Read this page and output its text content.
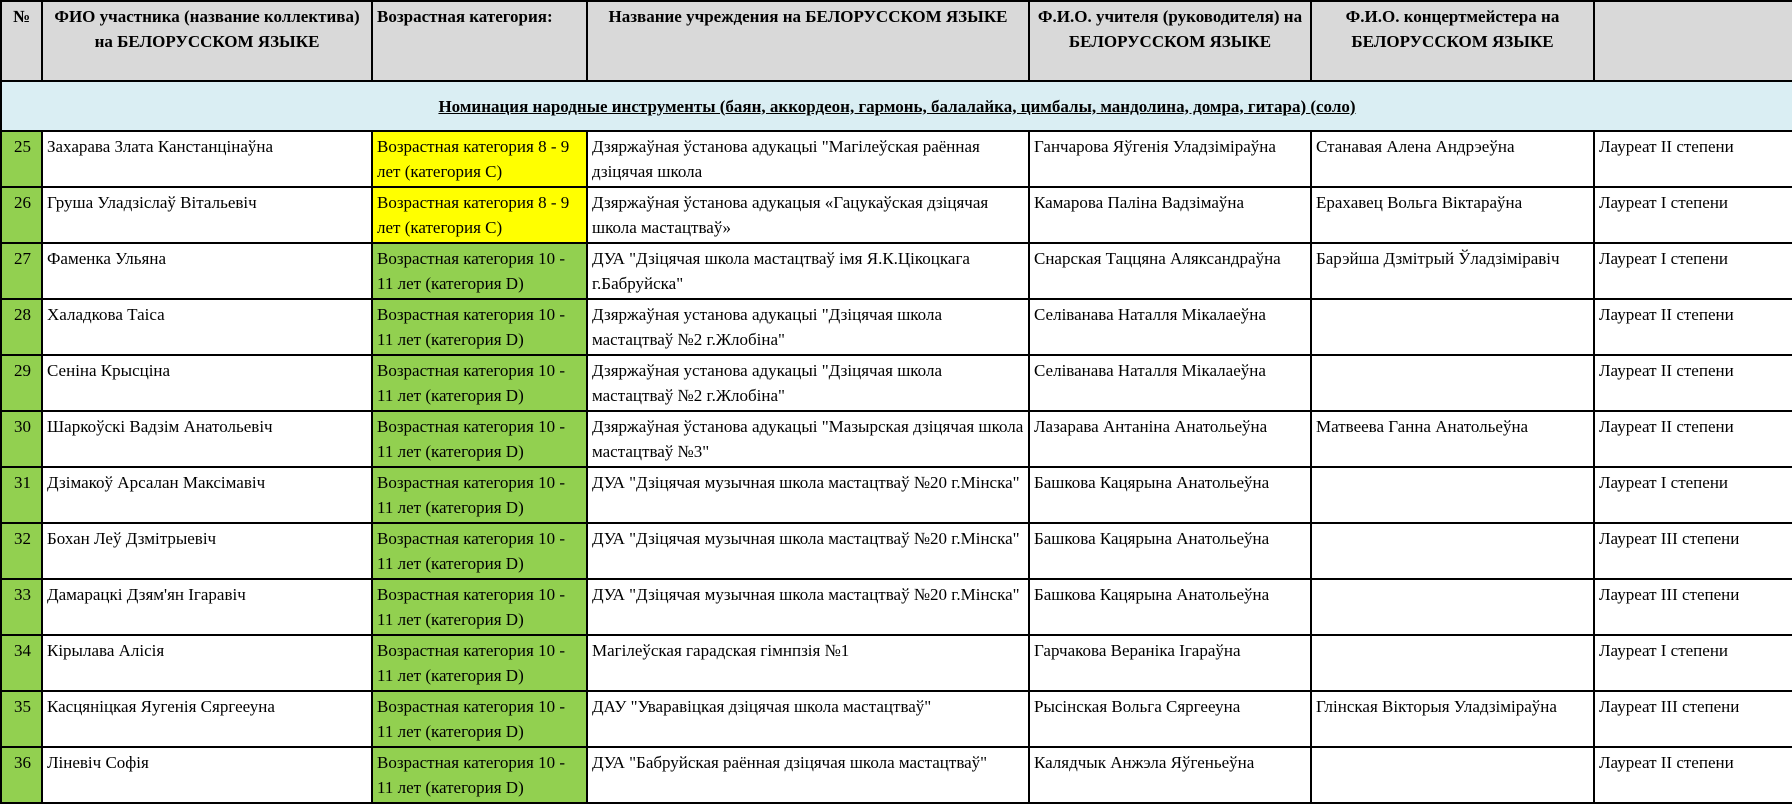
№	ФИО участника (название коллектива) на БЕЛОРУССКОМ ЯЗЫКЕ	Возрастная категория:	Название учреждения на БЕЛОРУССКОМ ЯЗЫКЕ	Ф.И.О. учителя (руководителя) на БЕЛОРУССКОМ ЯЗЫКЕ	Ф.И.О. концертмейстера на БЕЛОРУССКОМ ЯЗЫКЕ	
Номинация народные инструменты (баян, аккордеон, гармонь, балалайка, цимбалы, мандолина, домра, гитара) (соло)						
25	Захарава Злата Канстанцінаўна	Возрастная категория 8 - 9 лет (категория С)	Дзяржаўная ўстанова адукацыі "Магілеўская раённая дзіцячая школа	Ганчарова Яўгенія Уладзіміраўна	Станавая Алена Андрэеўна	Лауреат II степени
26	Груша Уладзіслаў Вітальевіч	Возрастная категория 8 - 9 лет (категория С)	Дзяржаўная ўстанова адукацыя «Гацукаўская дзіцячая школа мастацтваў»	Камарова Паліна Вадзімаўна	Ерахавец Вольга Віктараўна	Лауреат I степени
27	Фаменка Ульяна	Возрастная категория 10 - 11 лет (категория D)	ДУА "Дзіцячая школа мастацтваў імя Я.К.Цікоцкага г.Бабруйска"	Снарская Таццяна Аляксандраўна	Барэйша Дзмітрый Ўладзіміравіч	Лауреат I степени
28	Халадкова Таіса	Возрастная категория 10 - 11 лет (категория D)	Дзяржаўная установа адукацыі "Дзіцячая школа мастацтваў №2 г.Жлобіна"	Селіванава Наталля Мікалаеўна		Лауреат II степени
29	Сеніна Крысціна	Возрастная категория 10 - 11 лет (категория D)	Дзяржаўная установа адукацыі "Дзіцячая школа мастацтваў №2 г.Жлобіна"	Селіванава Наталля Мікалаеўна		Лауреат II степени
30	Шаркоўскі Вадзім Анатольевіч	Возрастная категория 10 - 11 лет (категория D)	Дзяржаўная ўстанова адукацыі "Мазырская дзіцячая школа мастацтваў №3"	Лазарава Антаніна Анатольеўна	Матвеева Ганна Анатольеўна	Лауреат II степени
31	Дзімакоў Арсалан Максімавіч	Возрастная категория 10 - 11 лет (категория D)	ДУА "Дзіцячая музычная школа мастацтваў №20 г.Мінска"	Башкова Кацярына Анатольеўна		Лауреат I степени
32	Бохан Леў Дзмітрыевіч	Возрастная категория 10 - 11 лет (категория D)	ДУА "Дзіцячая музычная школа мастацтваў №20 г.Мінска"	Башкова Кацярына Анатольеўна		Лауреат III степени
33	Дамарацкі Дзям'ян Ігаравіч	Возрастная категория 10 - 11 лет (категория D)	ДУА "Дзіцячая музычная школа мастацтваў №20 г.Мінска"	Башкова Кацярына Анатольеўна		Лауреат III степени
34	Кірылава Алісія	Возрастная категория 10 - 11 лет (категория D)	Магілеўская гарадская гімнпзія №1	Гарчакова Вераніка Ігараўна		Лауреат I степени
35	Касцяніцкая Яугенія Сяргееуна	Возрастная категория 10 - 11 лет (категория D)	ДАУ "Уваравіцкая дзіцячая школа мастацтваў"	Рысінская Вольга Сяргееуна	Глінская Вікторыя Уладзіміраўна	Лауреат III степени
36	Ліневіч Софія	Возрастная категория 10 - 11 лет (категория D)	ДУА "Бабруйская раённая дзіцячая школа мастацтваў"	Калядчык Анжэла Яўгеньеўна		Лауреат II степени
